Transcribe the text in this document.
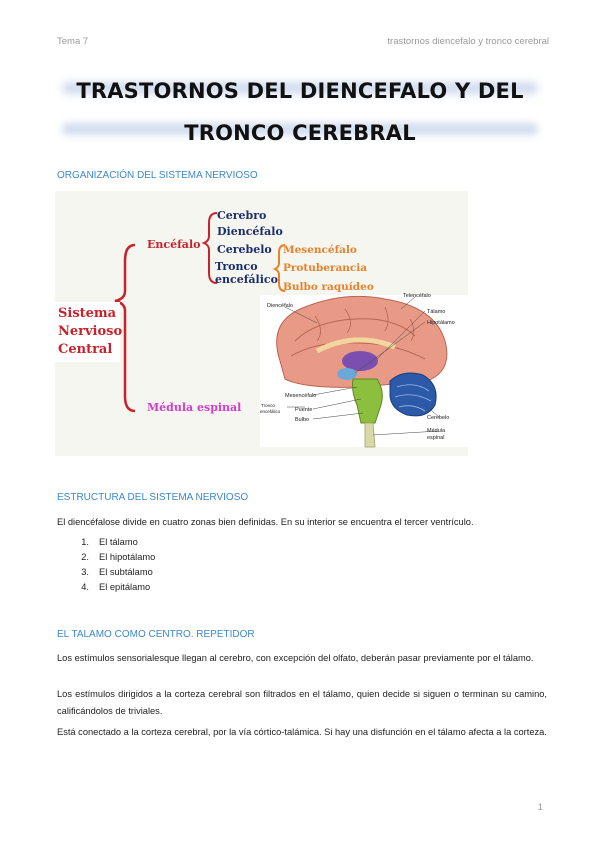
Tema 7	trastornos diencefalo y tronco cerebral
TRASTORNOS DEL DIENCEFALO Y DEL
TRONCO CEREBRAL
ORGANIZACIÓN DEL SISTEMA NERVIOSO
Sistema
Nervioso
Central
Encéfalo
Cerebro
Diencéfalo
Cerebelo
Tronco
encefálico
Mesencéfalo
Protuberancia
Bulbo raquídeo
Médula espinal
Diencéfalo
Telencéfalo
Tálamo
Hipotálamo
Mesencéfalo
Tronco
encefálico	Puente
Bulbo	Cerebelo
Médula
espinal
ESTRUCTURA DEL SISTEMA NERVIOSO

El diencéfalose divide en cuatro zonas bien definidas. En su interior se encuentra el tercer ventrículo.

1.	El tálamo
2.	El hipotálamo
3.	El subtálamo
4.	El epitálamo
EL TALAMO COMO CENTRO. REPETIDOR

Los estímulos sensorialesque llegan al cerebro, con excepción del olfato, deberán pasar previamente por el tálamo.

Los estímulos dirigidos a la corteza cerebral son filtrados en el tálamo, quien decide si siguen o terminan su camino, calificándolos de triviales.

Está conectado a la corteza cerebral, por la vía córtico-talámica. Si hay una disfunción en el tálamo afecta a la corteza.

1
